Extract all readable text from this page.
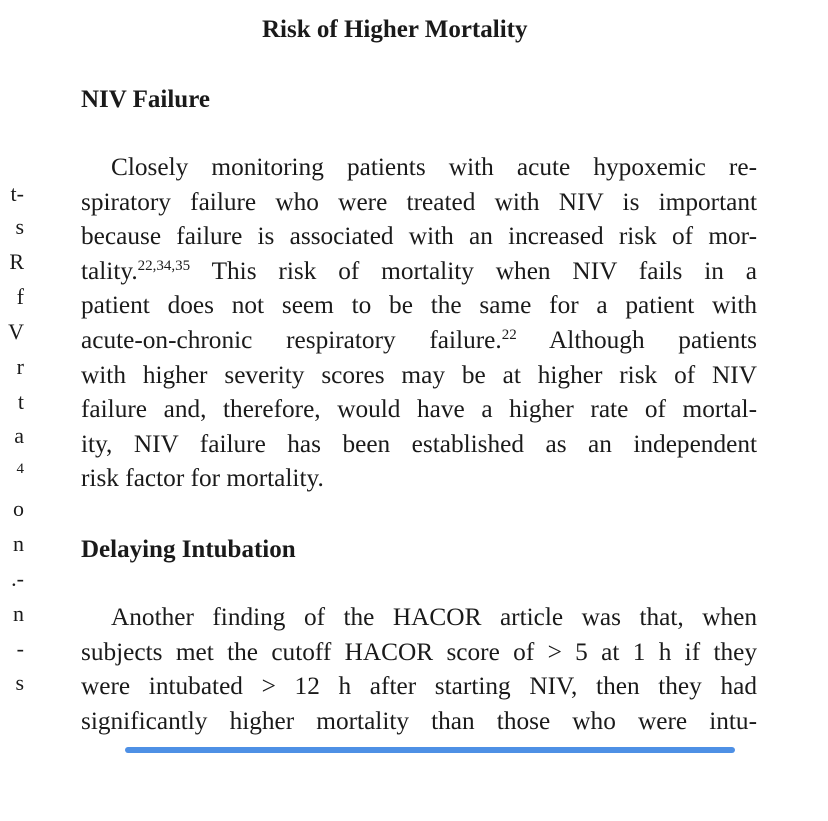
t-
s
R
f
V
r
t
a
4
o
n
.-
n
-
s
Risk of Higher Mortality
NIV Failure
Closely monitoring patients with acute hypoxemic re-
spiratory failure who were treated with NIV is important
because failure is associated with an increased risk of mor-
tality.$^{22,34,35}$ This risk of mortality when NIV fails in a
patient does not seem to be the same for a patient with
acute-on-chronic respiratory failure.$^{22}$ Although patients
with higher severity scores may be at higher risk of NIV
failure and, therefore, would have a higher rate of mortal-
ity, NIV failure has been established as an independent
risk factor for mortality.
Delaying Intubation
Another finding of the HACOR article was that, when
subjects met the cutoff HACOR score of > 5 at 1 h if they
were intubated > 12 h after starting NIV, then they had
significantly higher mortality than those who were intu-
